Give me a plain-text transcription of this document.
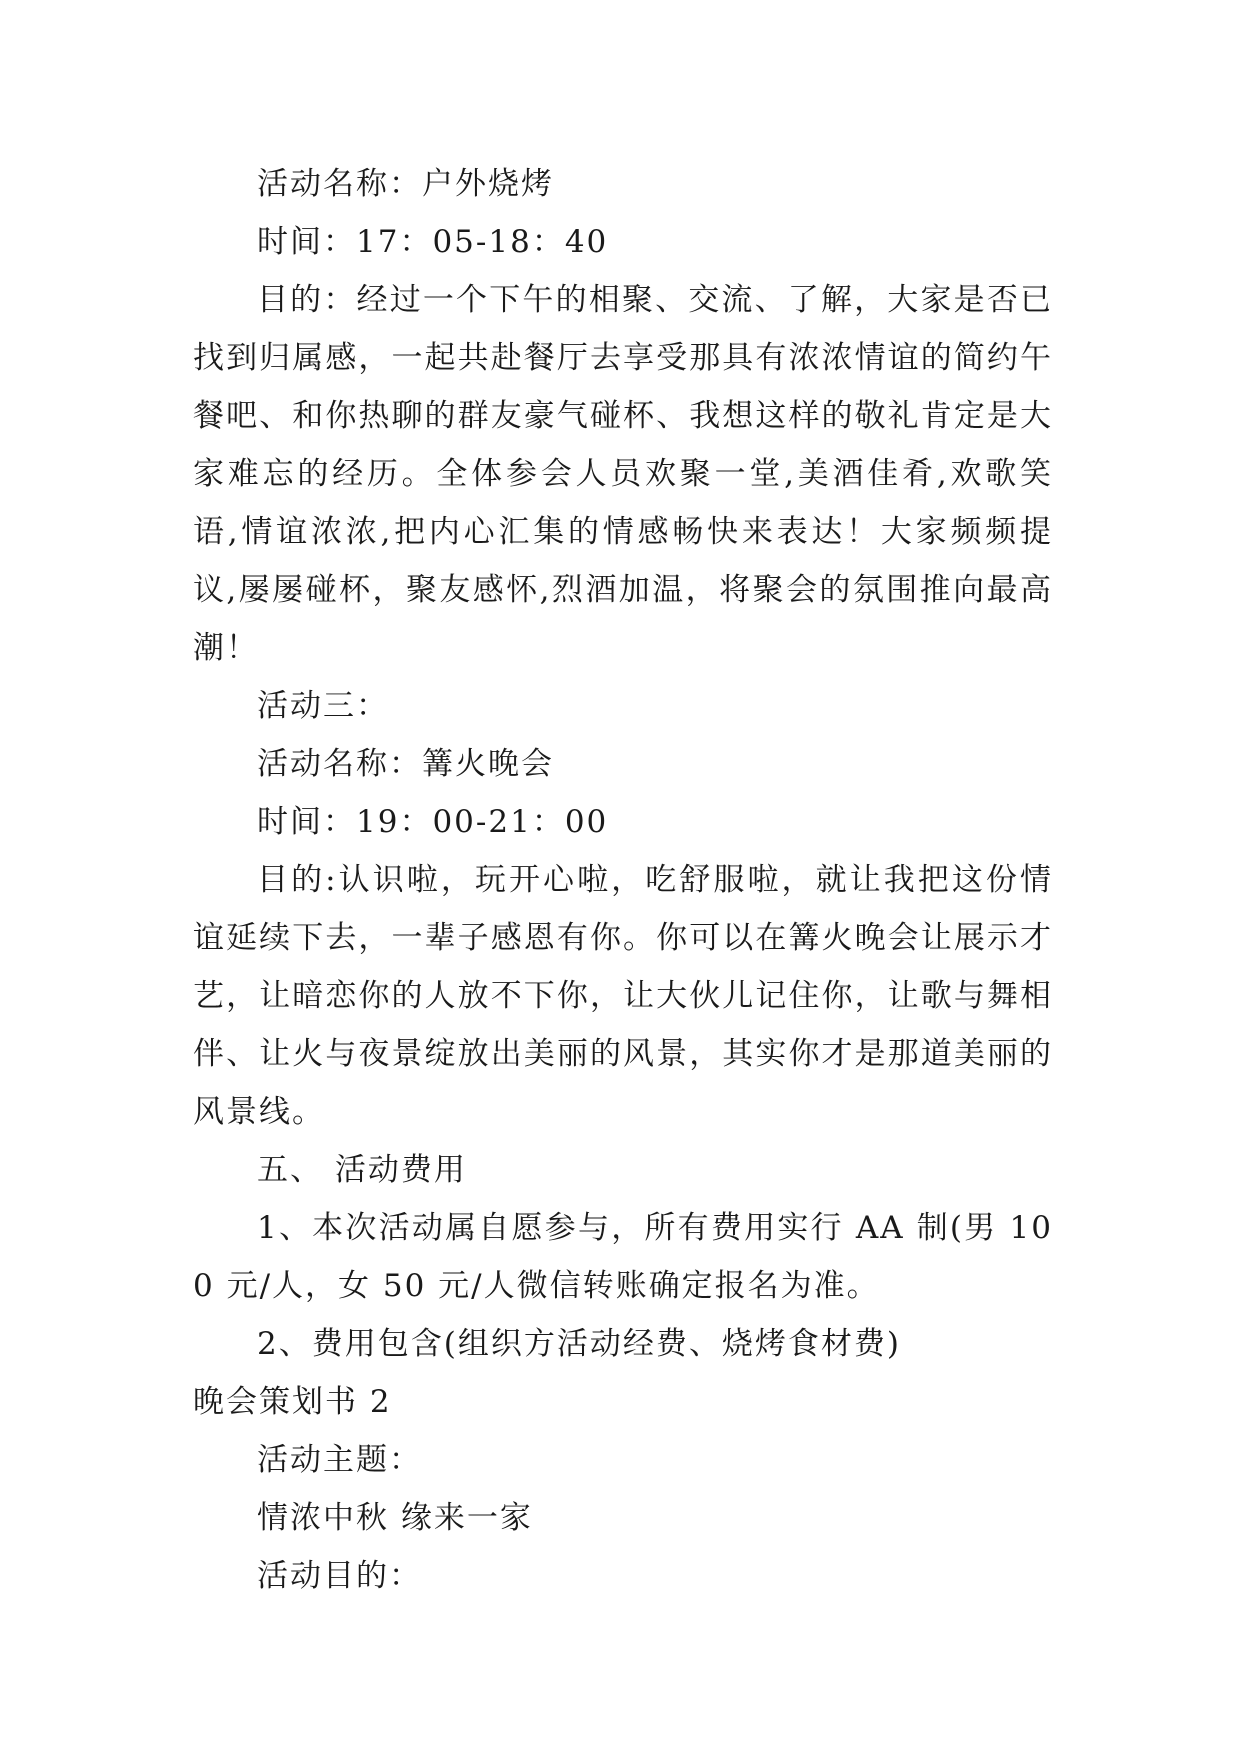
活动名称：户外烧烤

时间：17：05-18：40

目的：经过一个下午的相聚、交流、了解，大家是否已找到归属感，一起共赴餐厅去享受那具有浓浓情谊的简约午餐吧、和你热聊的群友豪气碰杯、我想这样的敬礼肯定是大家难忘的经历。全体参会人员欢聚一堂,美酒佳肴,欢歌笑语,情谊浓浓,把内心汇集的情感畅快来表达！大家频频提议,屡屡碰杯，聚友感怀,烈酒加温，将聚会的氛围推向最高潮！

活动三：

活动名称：篝火晚会

时间：19：00-21：00

目的:认识啦，玩开心啦，吃舒服啦，就让我把这份情谊延续下去，一辈子感恩有你。你可以在篝火晚会让展示才艺，让暗恋你的人放不下你，让大伙儿记住你，让歌与舞相伴、让火与夜景绽放出美丽的风景，其实你才是那道美丽的风景线。

五、 活动费用

1、本次活动属自愿参与，所有费用实行 AA 制(男 100 元/人，女 50 元/人微信转账确定报名为准。

2、费用包含(组织方活动经费、烧烤食材费)

晚会策划书 2

活动主题：

情浓中秋 缘来一家

活动目的：
